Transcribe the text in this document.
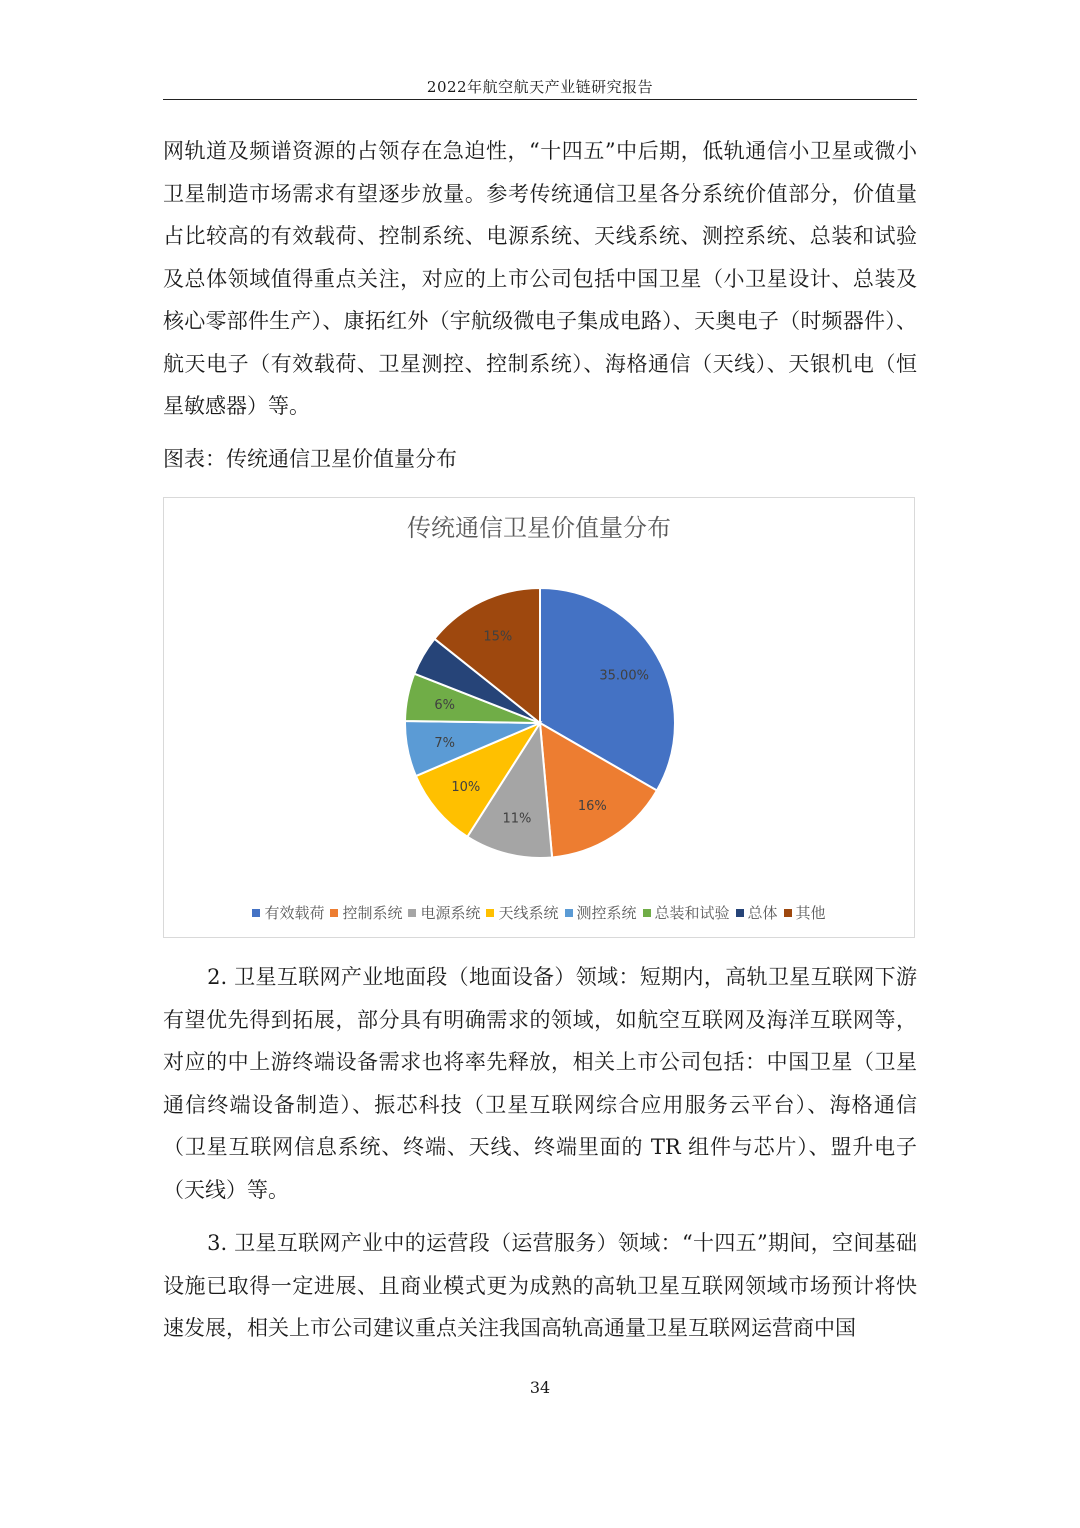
2022年航空航天产业链研究报告

网轨道及频谱资源的占领存在急迫性，“十四五”中后期，低轨通信小卫星或微小卫星制造市场需求有望逐步放量。参考传统通信卫星各分系统价值部分，价值量占比较高的有效载荷、控制系统、电源系统、天线系统、测控系统、总装和试验及总体领域值得重点关注，对应的上市公司包括中国卫星（小卫星设计、总装及核心零部件生产）、康拓红外（宇航级微电子集成电路）、天奥电子（时频器件）、航天电子（有效载荷、卫星测控、控制系统）、海格通信（天线）、天银机电（恒星敏感器）等。

图表：传统通信卫星价值量分布
传统通信卫星价值量分布
35.00%
16%
11%
10%
7%
6%
15%
有效载荷 控制系统 电源系统 天线系统 测控系统 总装和试验 总体 其他

2. 卫星互联网产业地面段（地面设备）领域：短期内，高轨卫星互联网下游有望优先得到拓展，部分具有明确需求的领域，如航空互联网及海洋互联网等，对应的中上游终端设备需求也将率先释放，相关上市公司包括：中国卫星（卫星通信终端设备制造）、振芯科技（卫星互联网综合应用服务云平台）、海格通信（卫星互联网信息系统、终端、天线、终端里面的 TR 组件与芯片）、盟升电子（天线）等。

3. 卫星互联网产业中的运营段（运营服务）领域：“十四五”期间，空间基础设施已取得一定进展、且商业模式更为成熟的高轨卫星互联网领域市场预计将快速发展，相关上市公司建议重点关注我国高轨高通量卫星互联网运营商中国

34
